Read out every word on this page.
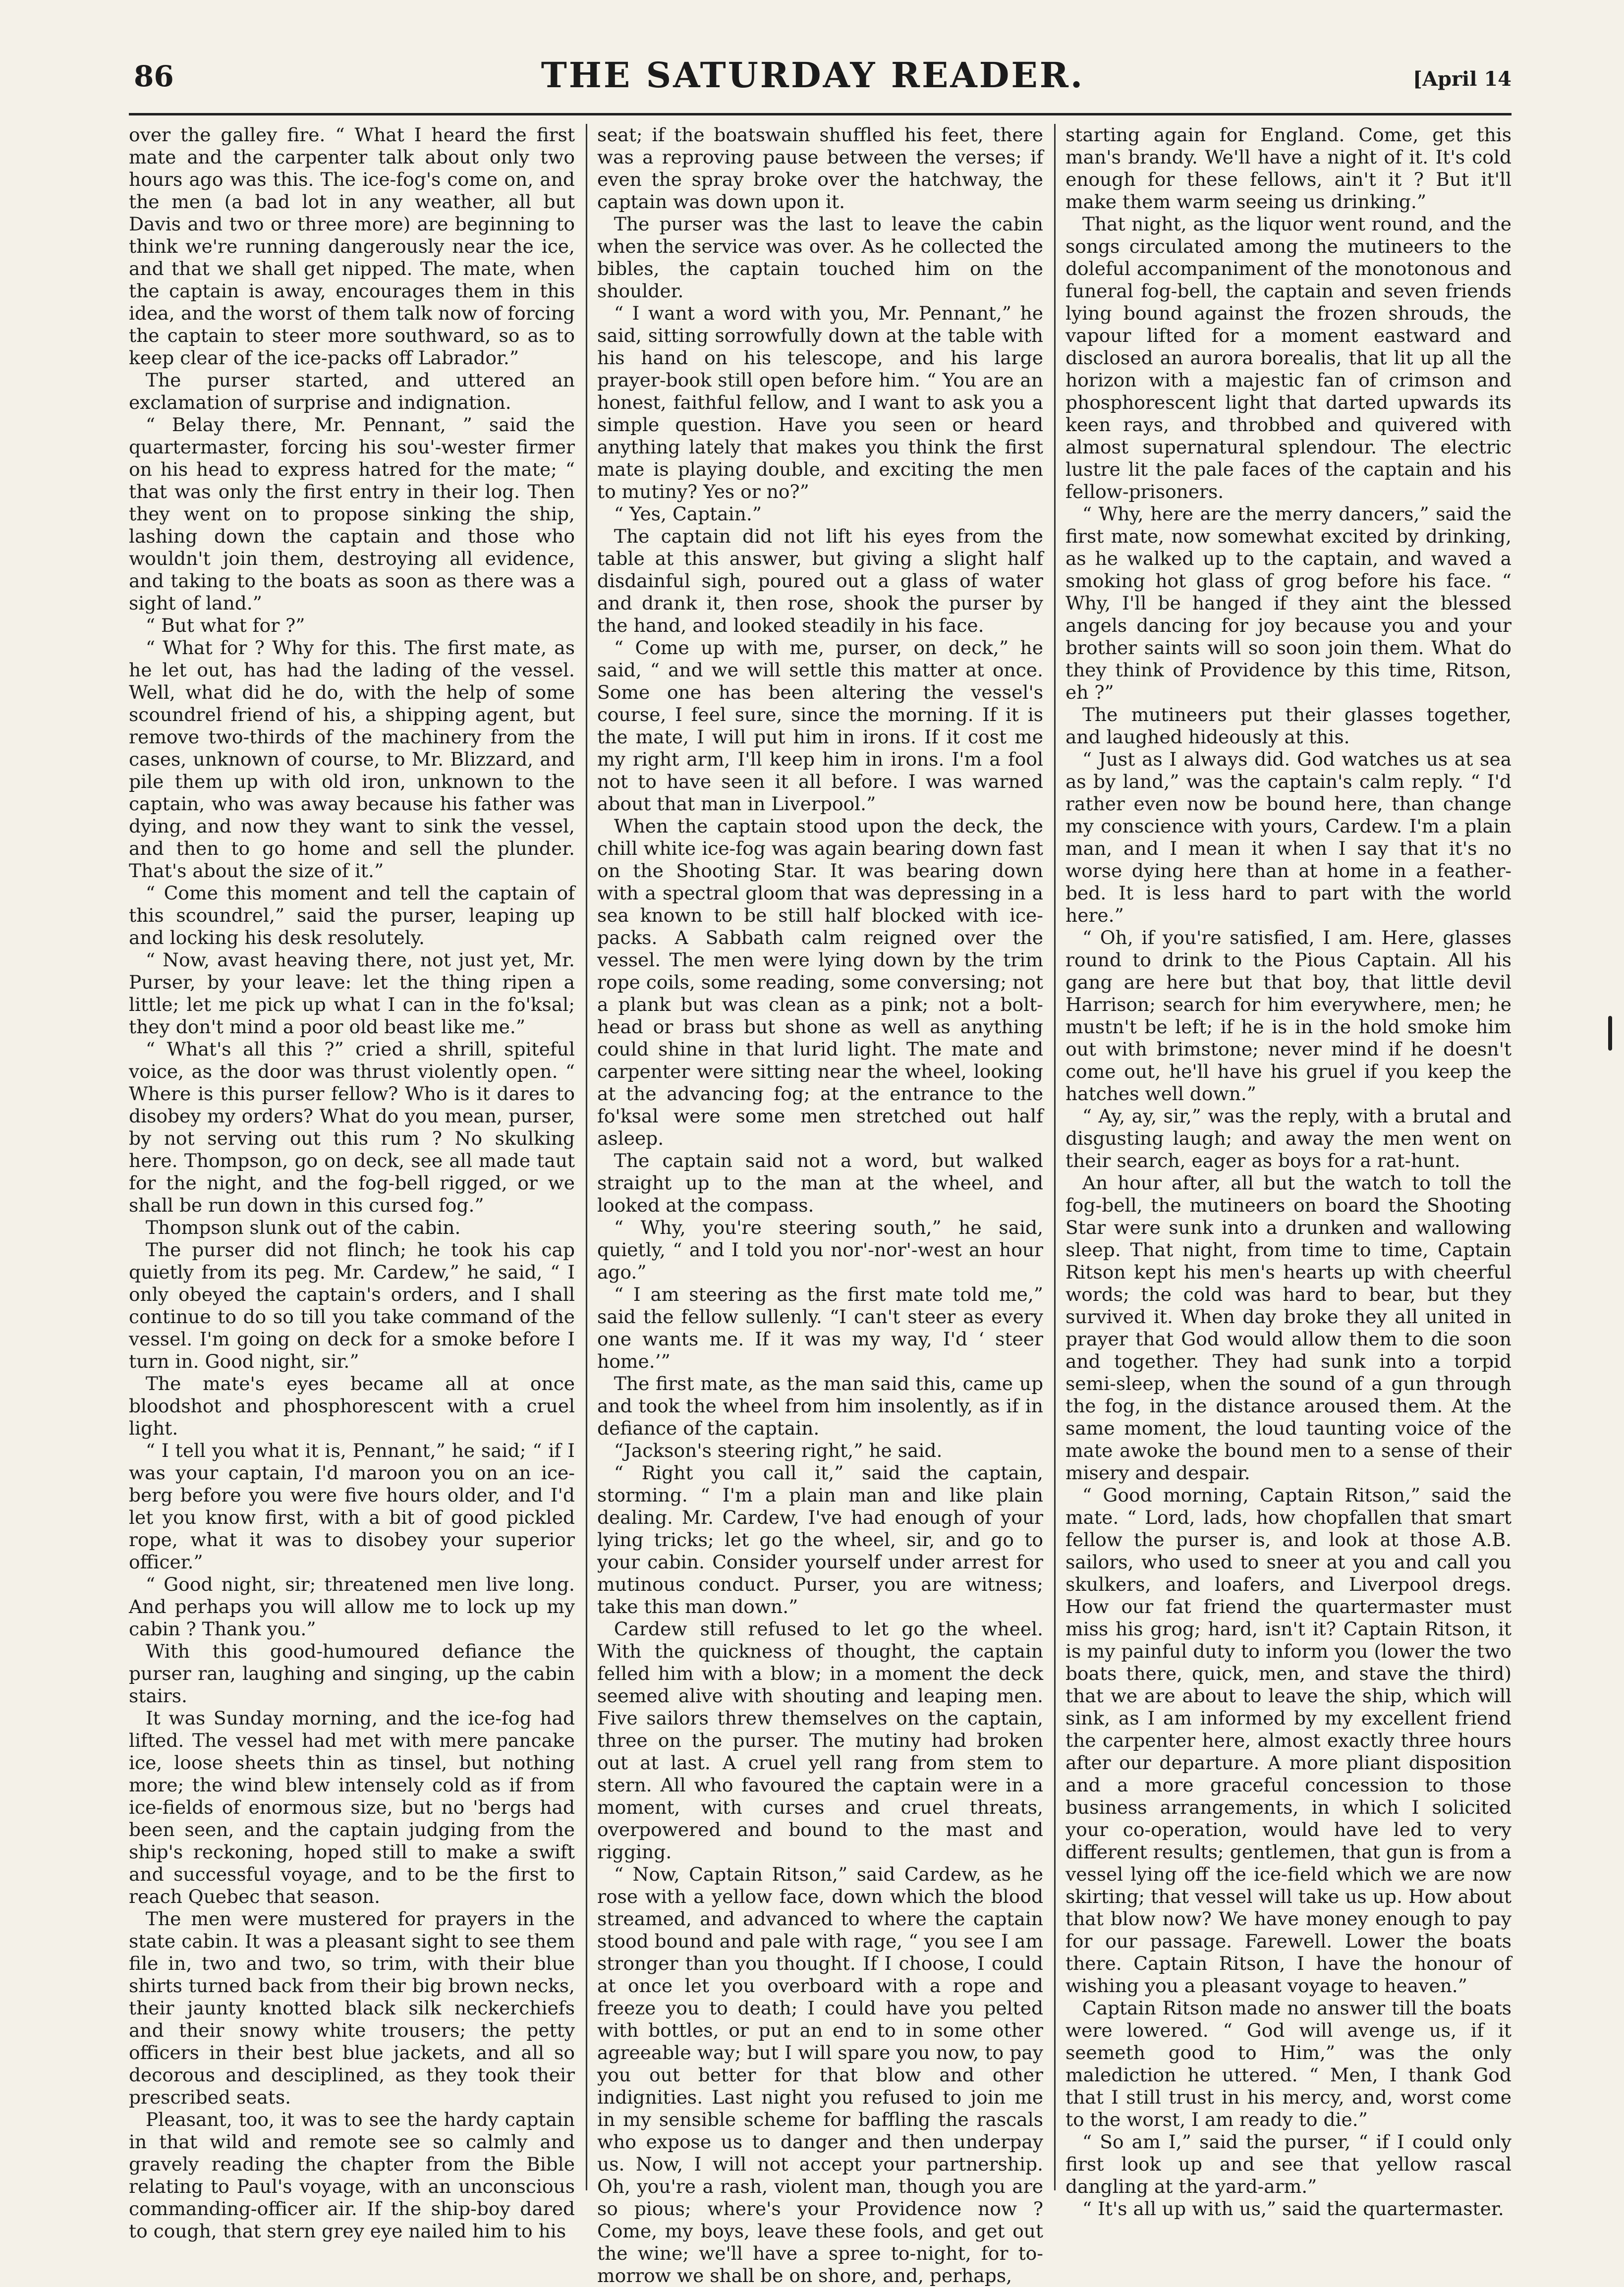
86	THE SATURDAY READER.	[April 14

over the galley fire. “ What I heard the first mate and the carpenter talk about only two hours ago was this. The ice-fog's come on, and the men (a bad lot in any weather, all but Davis and two or three more) are beginning to think we're running dangerously near the ice, and that we shall get nipped. The mate, when the captain is away, encourages them in this idea, and the worst of them talk now of forcing the captain to steer more southward, so as to keep clear of the ice-packs off Labrador.”

The purser started, and uttered an exclamation of surprise and indignation.

“ Belay there, Mr. Pennant, ” said the quartermaster, forcing his sou'-wester firmer on his head to express hatred for the mate; “ that was only the first entry in their log. Then they went on to propose sinking the ship, lashing down the captain and those who wouldn't join them, destroying all evidence, and taking to the boats as soon as there was a sight of land.”

“ But what for ?”

“ What for ? Why for this. The first mate, as he let out, has had the lading of the vessel. Well, what did he do, with the help of some scoundrel friend of his, a shipping agent, but remove two-thirds of the machinery from the cases, unknown of course, to Mr. Blizzard, and pile them up with old iron, unknown to the captain, who was away because his father was dying, and now they want to sink the vessel, and then to go home and sell the plunder. That's about the size of it.”

“ Come this moment and tell the captain of this scoundrel,” said the purser, leaping up and locking his desk resolutely.

“ Now, avast heaving there, not just yet, Mr. Purser, by your leave: let the thing ripen a little; let me pick up what I can in the fo'ksal; they don't mind a poor old beast like me.”

“ What's all this ?” cried a shrill, spiteful voice, as the door was thrust violently open. “ Where is this purser fellow? Who is it dares to disobey my orders? What do you mean, purser, by not serving out this rum ? No skulking here. Thompson, go on deck, see all made taut for the night, and the fog-bell rigged, or we shall be run down in this cursed fog.”

Thompson slunk out of the cabin.

The purser did not flinch; he took his cap quietly from its peg. Mr. Cardew,” he said, “ I only obeyed the captain's orders, and I shall continue to do so till you take command of the vessel. I'm going on deck for a smoke before I turn in. Good night, sir.”

The mate's eyes became all at once bloodshot and phosphorescent with a cruel light.

“ I tell you what it is, Pennant,” he said; “ if I was your captain, I'd maroon you on an ice-berg before you were five hours older, and I'd let you know first, with a bit of good pickled rope, what it was to disobey your superior officer.”

“ Good night, sir; threatened men live long. And perhaps you will allow me to lock up my cabin ? Thank you.”

With this good-humoured defiance the purser ran, laughing and singing, up the cabin stairs.

It was Sunday morning, and the ice-fog had lifted. The vessel had met with mere pancake ice, loose sheets thin as tinsel, but nothing more; the wind blew intensely cold as if from ice-fields of enormous size, but no 'bergs had been seen, and the captain judging from the ship's reckoning, hoped still to make a swift and successful voyage, and to be the first to reach Quebec that season.

The men were mustered for prayers in the state cabin. It was a pleasant sight to see them file in, two and two, so trim, with their blue shirts turned back from their big brown necks, their jaunty knotted black silk neckerchiefs and their snowy white trousers; the petty officers in their best blue jackets, and all so decorous and desciplined, as they took their prescribed seats.

Pleasant, too, it was to see the hardy captain in that wild and remote see so calmly and gravely reading the chapter from the Bible relating to Paul's voyage, with an unconscious commanding-officer air. If the ship-boy dared to cough, that stern grey eye nailed him to his

seat; if the boatswain shuffled his feet, there was a reproving pause between the verses; if even the spray broke over the hatchway, the captain was down upon it.

The purser was the last to leave the cabin when the service was over. As he collected the bibles, the captain touched him on the shoulder.

“ I want a word with you, Mr. Pennant,” he said, sitting sorrowfully down at the table with his hand on his telescope, and his large prayer-book still open before him. “ You are an honest, faithful fellow, and I want to ask you a simple question. Have you seen or heard anything lately that makes you think the first mate is playing double, and exciting the men to mutiny? Yes or no?”

“ Yes, Captain.”

The captain did not lift his eyes from the table at this answer, but giving a slight half disdainful sigh, poured out a glass of water and drank it, then rose, shook the purser by the hand, and looked steadily in his face.

“ Come up with me, purser, on deck,” he said, “ and we will settle this matter at once. Some one has been altering the vessel's course, I feel sure, since the morning. If it is the mate, I will put him in irons. If it cost me my right arm, I'll keep him in irons. I'm a fool not to have seen it all before. I was warned about that man in Liverpool.”

When the captain stood upon the deck, the chill white ice-fog was again bearing down fast on the Shooting Star. It was bearing down with a spectral gloom that was depressing in a sea known to be still half blocked with ice-packs. A Sabbath calm reigned over the vessel. The men were lying down by the trim rope coils, some reading, some conversing; not a plank but was clean as a pink; not a bolt-head or brass but shone as well as anything could shine in that lurid light. The mate and carpenter were sitting near the wheel, looking at the advancing fog; at the entrance to the fo'ksal were some men stretched out half asleep.

The captain said not a word, but walked straight up to the man at the wheel, and looked at the compass.

“ Why, you're steering south,” he said, quietly, “ and I told you nor'-nor'-west an hour ago.”

“ I am steering as the first mate told me,” said the fellow sullenly. “I can't steer as every one wants me. If it was my way, I'd ‘ steer home.’”

The first mate, as the man said this, came up and took the wheel from him insolently, as if in defiance of the captain.

“Jackson's steering right,” he said.

“ Right you call it,” said the captain, storming. “ I'm a plain man and like plain dealing. Mr. Cardew, I've had enough of your lying tricks; let go the wheel, sir, and go to your cabin. Consider yourself under arrest for mutinous conduct. Purser, you are witness; take this man down.”

Cardew still refused to let go the wheel. With the quickness of thought, the captain felled him with a blow; in a moment the deck seemed alive with shouting and leaping men. Five sailors threw themselves on the captain, three on the purser. The mutiny had broken out at last. A cruel yell rang from stem to stern. All who favoured the captain were in a moment, with curses and cruel threats, overpowered and bound to the mast and rigging.

“ Now, Captain Ritson,” said Cardew, as he rose with a yellow face, down which the blood streamed, and advanced to where the captain stood bound and pale with rage, “ you see I am stronger than you thought. If I choose, I could at once let you overboard with a rope and freeze you to death; I could have you pelted with bottles, or put an end to in some other agreeable way; but I will spare you now, to pay you out better for that blow and other indignities. Last night you refused to join me in my sensible scheme for baffling the rascals who expose us to danger and then underpay us. Now, I will not accept your partnership. Oh, you're a rash, violent man, though you are so pious; where's your Providence now ? Come, my boys, leave these fools, and get out the wine; we'll have a spree to-night, for to-morrow we shall be on shore, and, perhaps,

starting again for England. Come, get this man's brandy. We'll have a night of it. It's cold enough for these fellows, ain't it ? But it'll make them warm seeing us drinking.”

That night, as the liquor went round, and the songs circulated among the mutineers to the doleful accompaniment of the monotonous and funeral fog-bell, the captain and seven friends lying bound against the frozen shrouds, the vapour lifted for a moment eastward and disclosed an aurora borealis, that lit up all the horizon with a majestic fan of crimson and phosphorescent light that darted upwards its keen rays, and throbbed and quivered with almost supernatural splendour. The electric lustre lit the pale faces of the captain and his fellow-prisoners.

“ Why, here are the merry dancers,” said the first mate, now somewhat excited by drinking, as he walked up to the captain, and waved a smoking hot glass of grog before his face. “ Why, I'll be hanged if they aint the blessed angels dancing for joy because you and your brother saints will so soon join them. What do they think of Providence by this time, Ritson, eh ?”

The mutineers put their glasses together, and laughed hideously at this.

“ Just as I always did. God watches us at sea as by land,” was the captain's calm reply. “ I'd rather even now be bound here, than change my conscience with yours, Cardew. I'm a plain man, and I mean it when I say that it's no worse dying here than at home in a feather-bed. It is less hard to part with the world here.”

“ Oh, if you're satisfied, I am. Here, glasses round to drink to the Pious Captain. All his gang are here but that boy, that little devil Harrison; search for him everywhere, men; he mustn't be left; if he is in the hold smoke him out with brimstone; never mind if he doesn't come out, he'll have his gruel if you keep the hatches well down.”

“ Ay, ay, sir,” was the reply, with a brutal and disgusting laugh; and away the men went on their search, eager as boys for a rat-hunt.

An hour after, all but the watch to toll the fog-bell, the mutineers on board the Shooting Star were sunk into a drunken and wallowing sleep. That night, from time to time, Captain Ritson kept his men's hearts up with cheerful words; the cold was hard to bear, but they survived it. When day broke they all united in prayer that God would allow them to die soon and together. They had sunk into a torpid semi-sleep, when the sound of a gun through the fog, in the distance aroused them. At the same moment, the loud taunting voice of the mate awoke the bound men to a sense of their misery and despair.

“ Good morning, Captain Ritson,” said the mate. “ Lord, lads, how chopfallen that smart fellow the purser is, and look at those A.B. sailors, who used to sneer at you and call you skulkers, and loafers, and Liverpool dregs. How our fat friend the quartermaster must miss his grog; hard, isn't it? Captain Ritson, it is my painful duty to inform you (lower the two boats there, quick, men, and stave the third) that we are about to leave the ship, which will sink, as I am informed by my excellent friend the carpenter here, almost exactly three hours after our departure. A more pliant disposition and a more graceful concession to those business arrangements, in which I solicited your co-operation, would have led to very different results; gentlemen, that gun is from a vessel lying off the ice-field which we are now skirting; that vessel will take us up. How about that blow now? We have money enough to pay for our passage. Farewell. Lower the boats there. Captain Ritson, I have the honour of wishing you a pleasant voyage to heaven.”

Captain Ritson made no answer till the boats were lowered. “ God will avenge us, if it seemeth good to Him,” was the only malediction he uttered. “ Men, I thank God that I still trust in his mercy, and, worst come to the worst, I am ready to die.”

“ So am I,” said the purser, “ if I could only first look up and see that yellow rascal dangling at the yard-arm.”

“ It's all up with us,” said the quartermaster.
